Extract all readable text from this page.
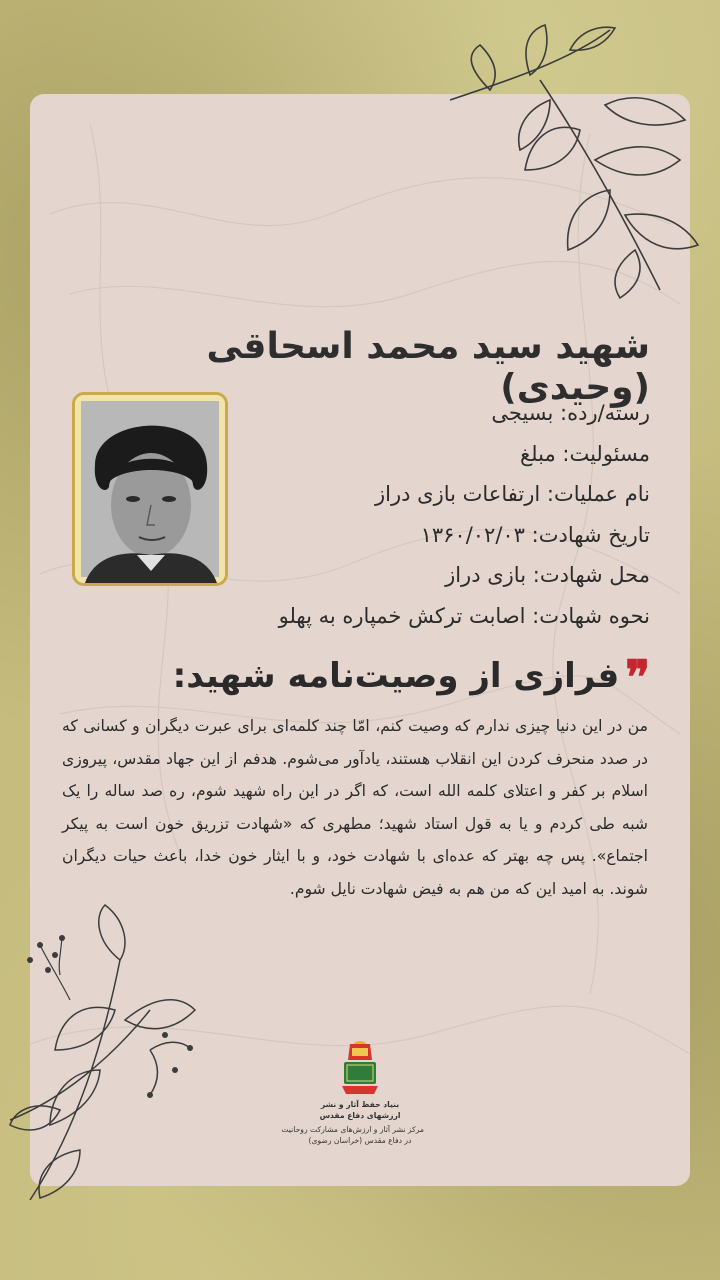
شهید سید محمد اسحاقی (وحیدی)
رسته/رده : بسیجی
مسئولیت : مبلغ
نام عملیات : ارتفاعات بازی دراز
تاریخ شهادت : ۱۳۶۰/۰۲/۰۳
محل شهادت : بازی دراز
نحوه شهادت : اصابت ترکش خمپاره به پهلو
❞فرازی از وصیت‌نامه شهید:
من در این دنیا چیزی ندارم که وصیت کنم، امّا چند کلمه‌ای برای عبرت دیگران و کسانی که در صدد منحرف کردن این انقلاب هستند، یادآور می‌شوم. هدفم از این جهاد مقدس، پیروزی اسلام بر کفر و اعتلای کلمه الله است، که اگر در این راه شهید شوم، ره صد ساله را یک شبه طی کردم و یا به قول استاد شهید؛ مطهری که «شهادت تزریق خون است به پیکر اجتماع». پس چه بهتر که عده‌ای با شهادت خود، و با ایثار خون خدا، باعث حیات دیگران شوند. به امید این که من هم به فیض شهادت نایل شوم.
بنیاد حفظ آثار و نشر
ارزشهای دفاع مقدس
مرکز نشر آثار و ارزش‌های مشارکت روحانیت
در دفاع مقدس (خراسان رضوی)
